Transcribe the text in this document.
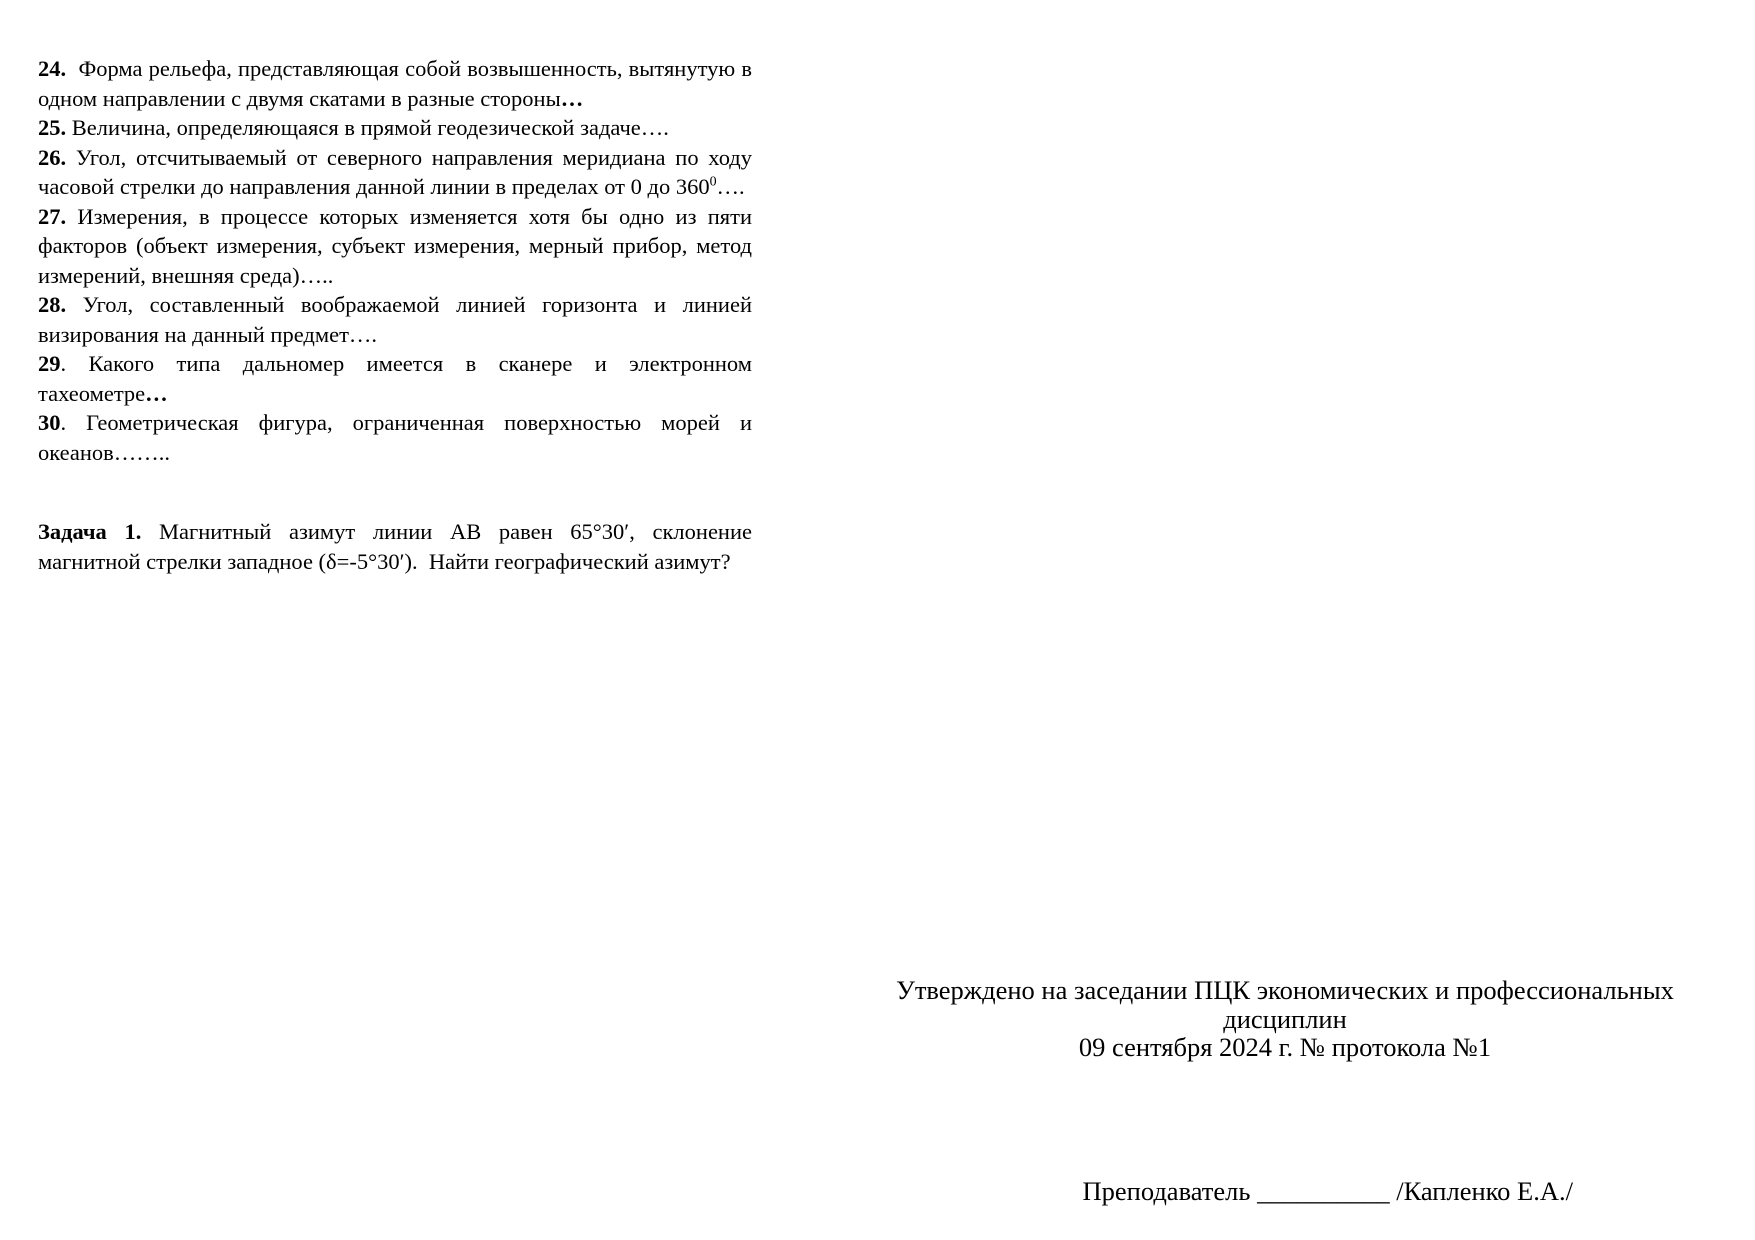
24.  Форма рельефа, представляющая собой возвышенность, вытянутую в одном направлении с двумя скатами в разные стороны…

25. Величина, определяющаяся в прямой геодезической задаче….

26. Угол, отсчитываемый от северного направления меридиана по ходу часовой стрелки до направления данной линии в пределах от 0 до $360^0\dots$.

27. Измерения, в процессе которых изменяется хотя бы одно из пяти факторов (объект измерения, субъект измерения, мерный прибор, метод измерений, внешняя среда)…..

28. Угол, составленный воображаемой линией горизонта и линией визирования на данный предмет….

29. Какого типа дальномер имеется в сканере и электронном тахеометре…

30. Геометрическая фигура, ограниченная поверхностью морей и океанов……..

Задача 1. Магнитный азимут линии АВ равен 65°30′, склонение магнитной стрелки западное (δ=-5°30′).  Найти географический азимут?

Утверждено на заседании ПЦК экономических и профессиональных
дисциплин
09 сентября 2024 г. № протокола №1

Преподаватель __________ /Капленко Е.А./
